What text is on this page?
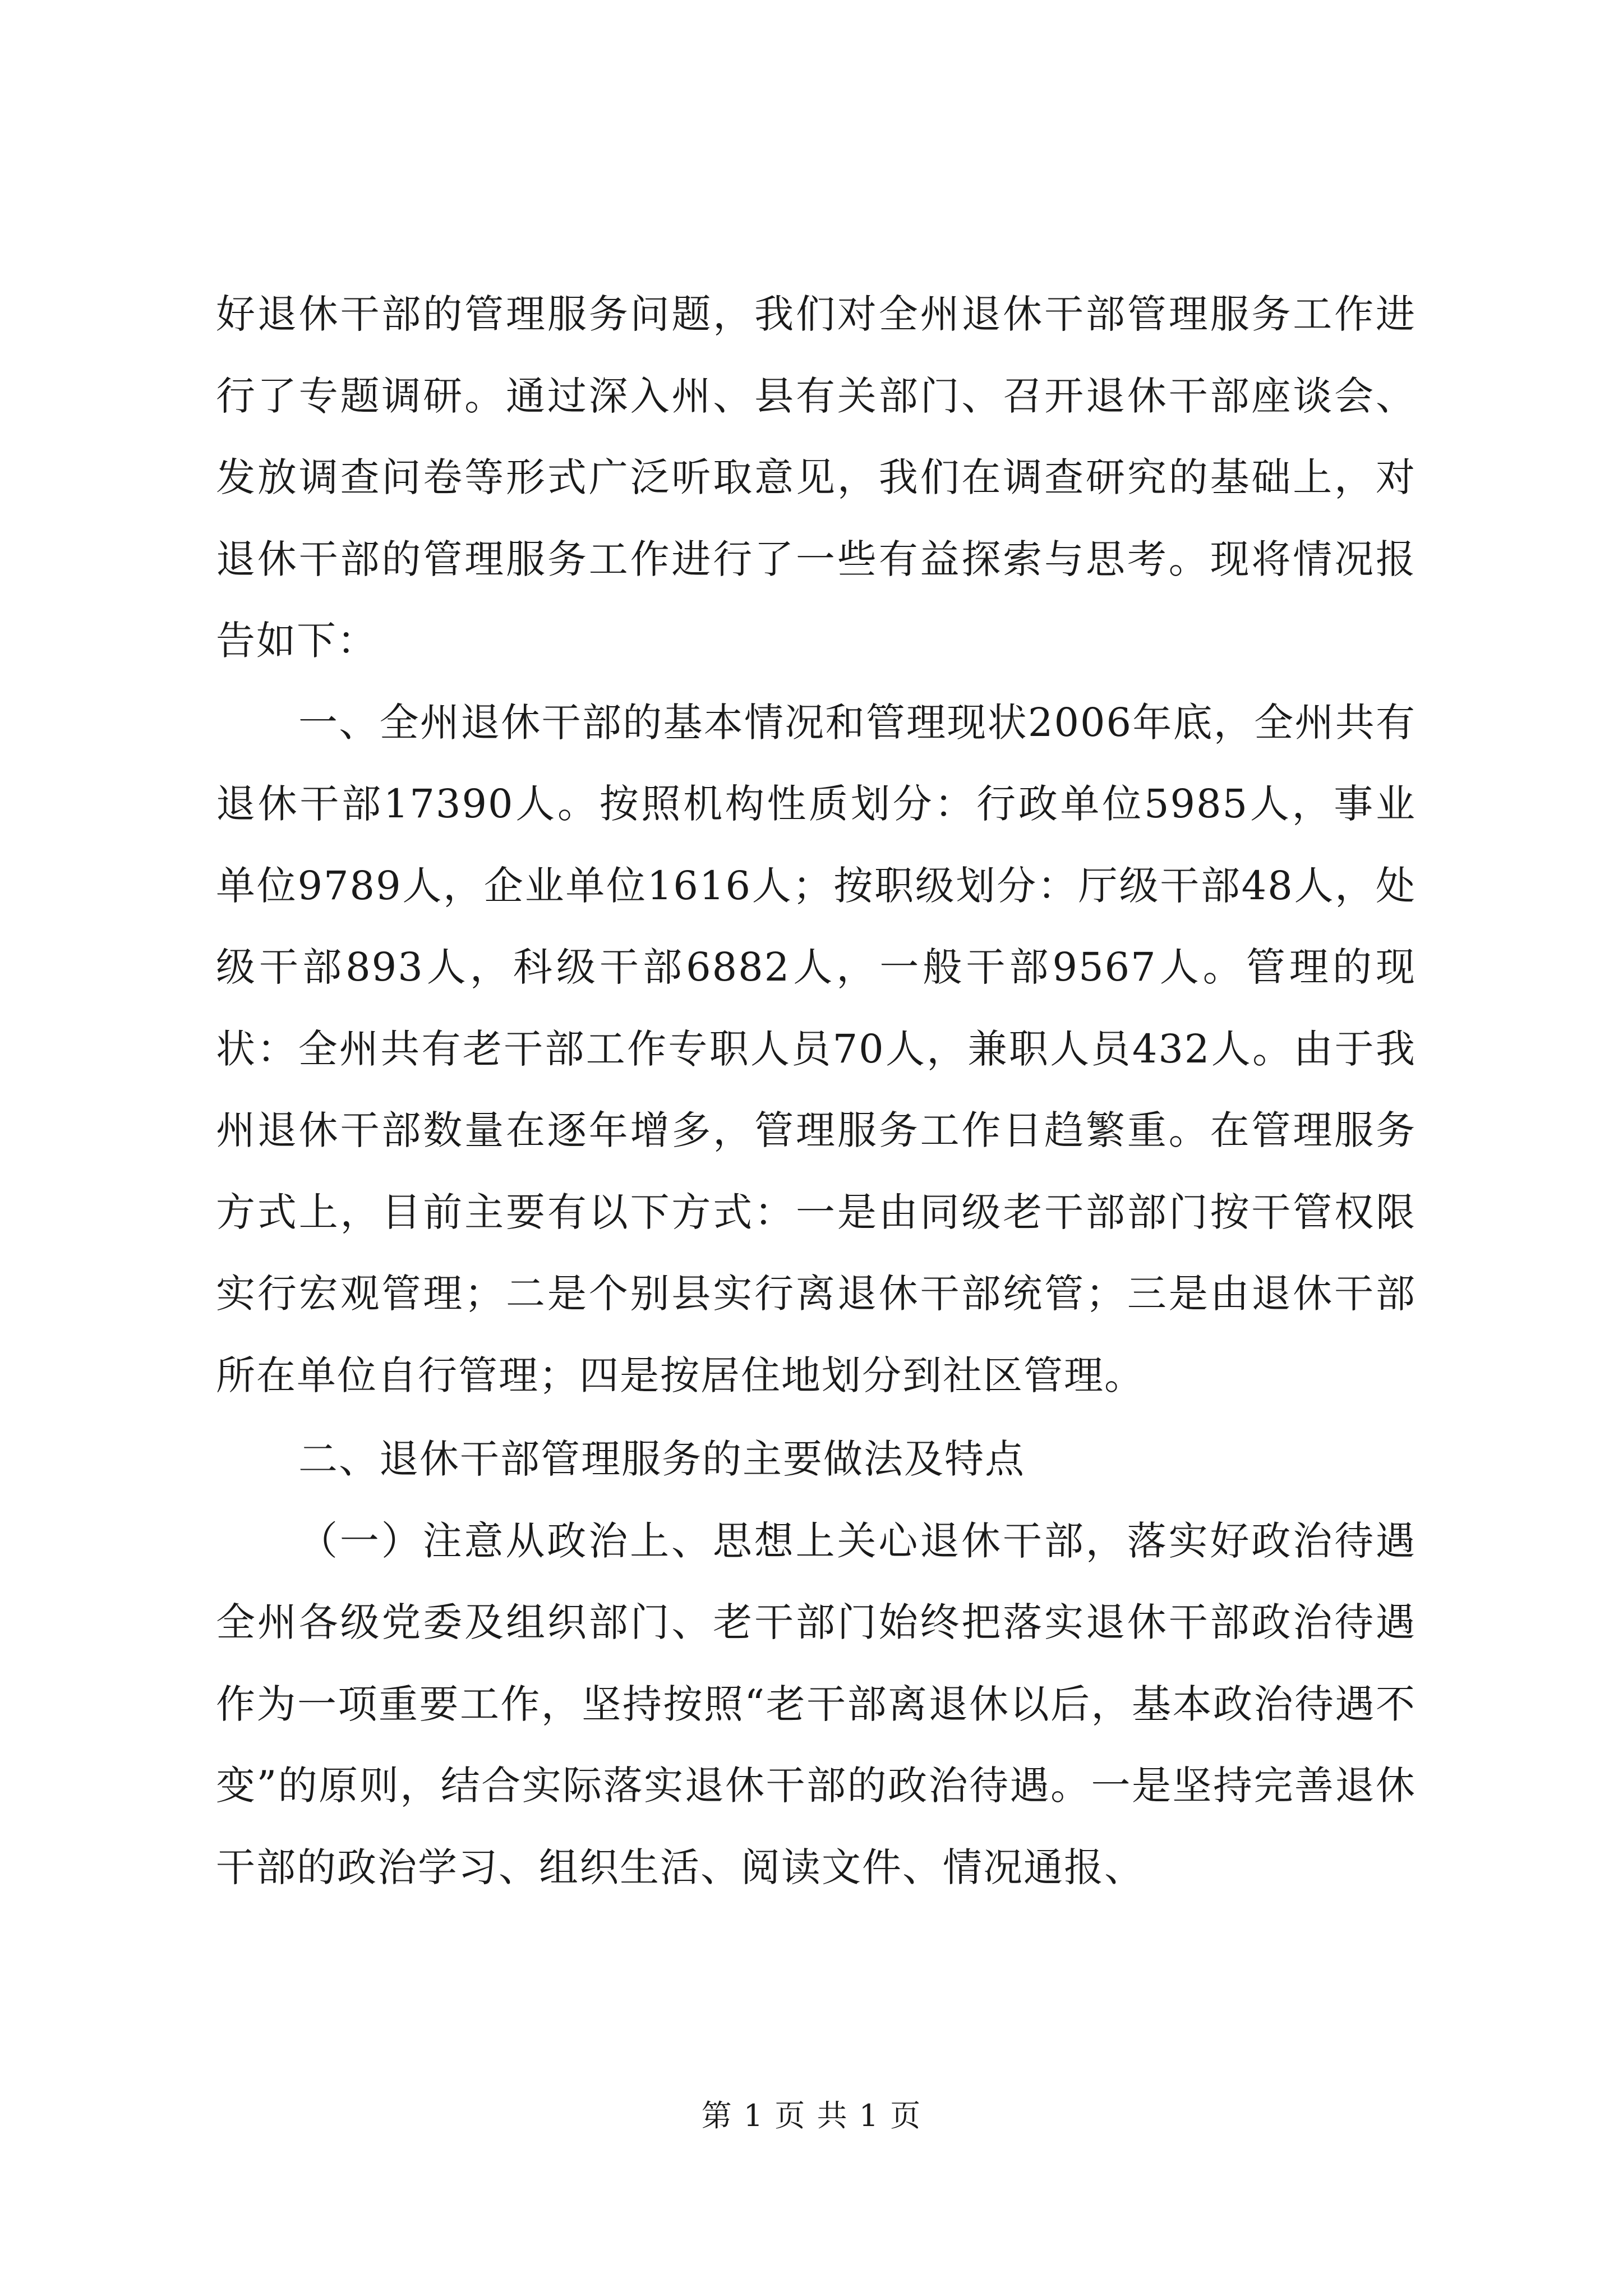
好退休干部的管理服务问题，我们对全州退休干部管理服务工作进行了专题调研。通过深入州、县有关部门、召开退休干部座谈会、发放调查问卷等形式广泛听取意见，我们在调查研究的基础上，对退休干部的管理服务工作进行了一些有益探索与思考。现将情况报告如下：

一、全州退休干部的基本情况和管理现状2006年底，全州共有退休干部17390人。按照机构性质划分：行政单位5985人，事业单位9789人，企业单位1616人；按职级划分：厅级干部48人，处级干部893人，科级干部6882人，一般干部9567人。管理的现状：全州共有老干部工作专职人员70人，兼职人员432人。由于我州退休干部数量在逐年增多，管理服务工作日趋繁重。在管理服务方式上，目前主要有以下方式：一是由同级老干部部门按干管权限实行宏观管理；二是个别县实行离退休干部统管；三是由退休干部所在单位自行管理；四是按居住地划分到社区管理。

二、退休干部管理服务的主要做法及特点

（一）注意从政治上、思想上关心退休干部，落实好政治待遇全州各级党委及组织部门、老干部门始终把落实退休干部政治待遇作为一项重要工作，坚持按照“老干部离退休以后，基本政治待遇不变”的原则，结合实际落实退休干部的政治待遇。一是坚持完善退休干部的政治学习、组织生活、阅读文件、情况通报、

第 1 页 共 1 页
